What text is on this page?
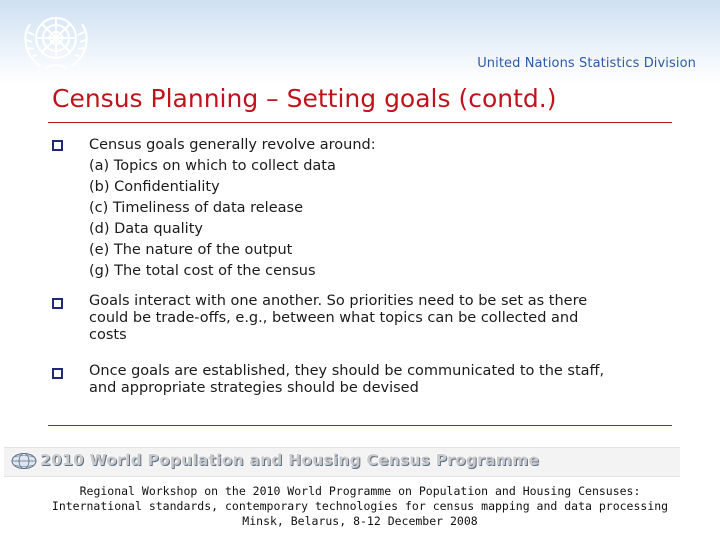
United Nations Statistics Division
Census Planning – Setting goals (contd.)
Census goals generally revolve around:
(a) Topics on which to collect data
(b) Confidentiality
(c) Timeliness of data release
(d) Data quality
(e) The nature of the output
(g) The total cost of the census
Goals interact with one another. So priorities need to be set as there
could be trade-offs, e.g., between what topics can be collected and
costs
Once goals are established, they should be communicated to the staff,
and appropriate strategies should be devised
2010 World Population and Housing Census Programme
Regional Workshop on the 2010 World Programme on Population and Housing Censuses:
International standards, contemporary technologies for census mapping and data processing
Minsk, Belarus, 8-12 December 2008
